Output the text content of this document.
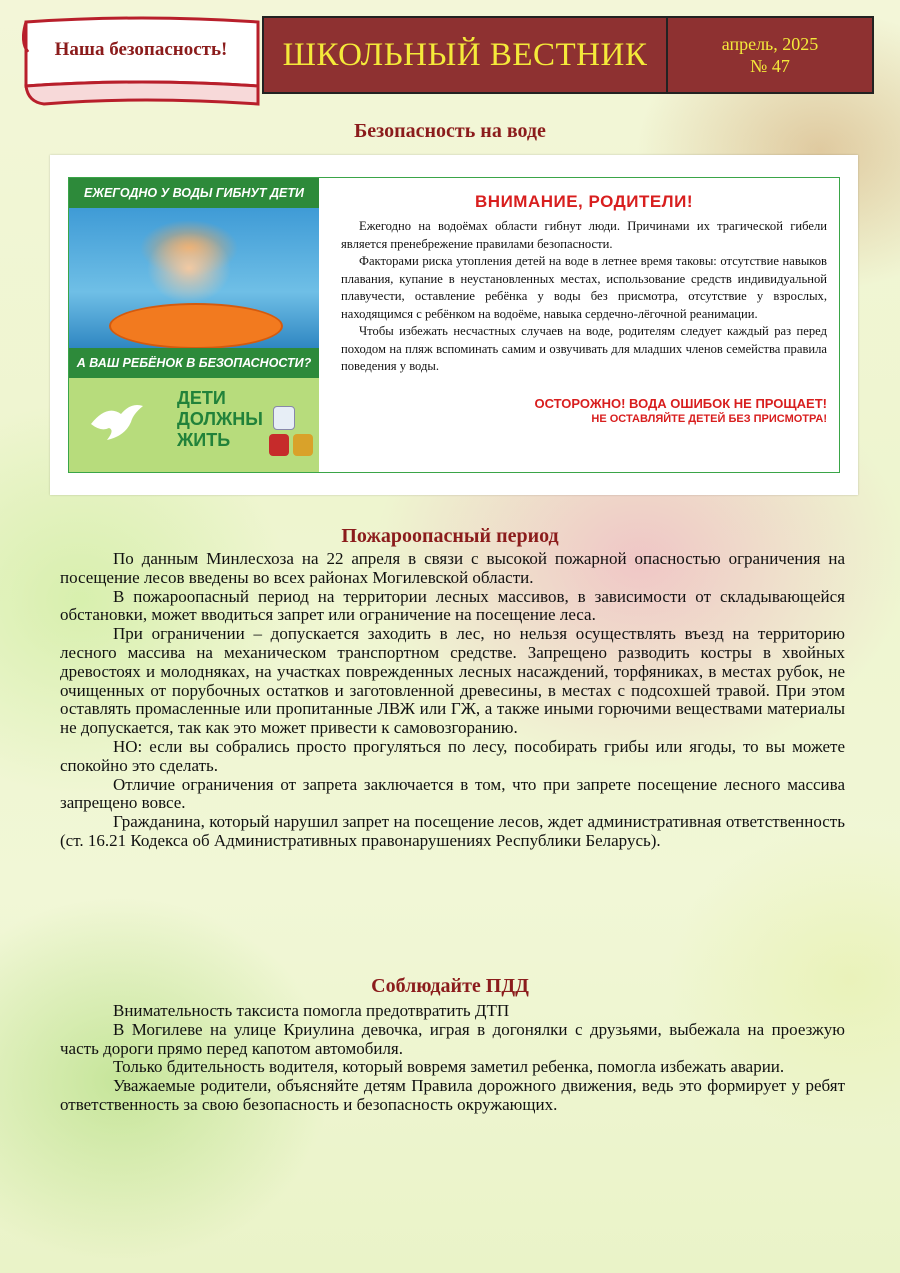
Наша безопасность!	ШКОЛЬНЫЙ ВЕСТНИК	апрель, 2025
№ 47
Безопасность на воде
ЕЖЕГОДНО У ВОДЫ ГИБНУТ ДЕТИ
А ВАШ РЕБЁНОК В БЕЗОПАСНОСТИ?
ДЕТИ
ДОЛЖНЫ
ЖИТЬ
ВНИМАНИЕ, РОДИТЕЛИ!

Ежегодно на водоёмах области гибнут люди. Причинами их трагической гибели является пренебрежение правилами безопасности.

Факторами риска утопления детей на воде в летнее время таковы: отсутствие навыков плавания, купание в неустановленных местах, использование средств индивидуальной плавучести, оставление ребёнка у воды без присмотра, отсутствие у взрослых, находящимся с ребёнком на водоёме, навыка сердечно-лёгочной реанимации.

Чтобы избежать несчастных случаев на воде, родителям следует каждый раз перед походом на пляж вспоминать самим и озвучивать для младших членов семейства правила поведения у воды.

ОСТОРОЖНО! ВОДА ОШИБОК НЕ ПРОЩАЕТ!
НЕ ОСТАВЛЯЙТЕ ДЕТЕЙ БЕЗ ПРИСМОТРА!
Пожароопасный период

По данным Минлесхоза на 22 апреля в связи с высокой пожарной опасностью ограничения на посещение лесов введены во всех районах Могилевской области.

В пожароопасный период на территории лесных массивов, в зависимости от складывающейся обстановки, может вводиться запрет или ограничение на посещение леса.

При ограничении – допускается заходить в лес, но нельзя осуществлять въезд на территорию лесного массива на механическом транспортном средстве. Запрещено разводить костры в хвойных древостоях и молодняках, на участках поврежденных лесных насаждений, торфяниках, в местах рубок, не очищенных от порубочных остатков и заготовленной древесины, в местах с подсохшей травой. При этом оставлять промасленные или пропитанные ЛВЖ или ГЖ, а также иными горючими веществами материалы не допускается, так как это может привести к самовозгоранию.

НО: если вы собрались просто прогуляться по лесу, пособирать грибы или ягоды, то вы можете спокойно это сделать.

Отличие ограничения от запрета заключается в том, что при запрете посещение лесного массива запрещено вовсе.

Гражданина, который нарушил запрет на посещение лесов, ждет административная ответственность (ст. 16.21 Кодекса об Административных правонарушениях Республики Беларусь).

Соблюдайте ПДД

Внимательность таксиста помогла предотвратить ДТП

В Могилеве на улице Криулина девочка, играя в догонялки с друзьями, выбежала на проезжую часть дороги прямо перед капотом автомобиля.

Только бдительность водителя, который вовремя заметил ребенка, помогла избежать аварии.

Уважаемые родители, объясняйте детям Правила дорожного движения, ведь это формирует у ребят ответственность за свою безопасность и безопасность окружающих.
